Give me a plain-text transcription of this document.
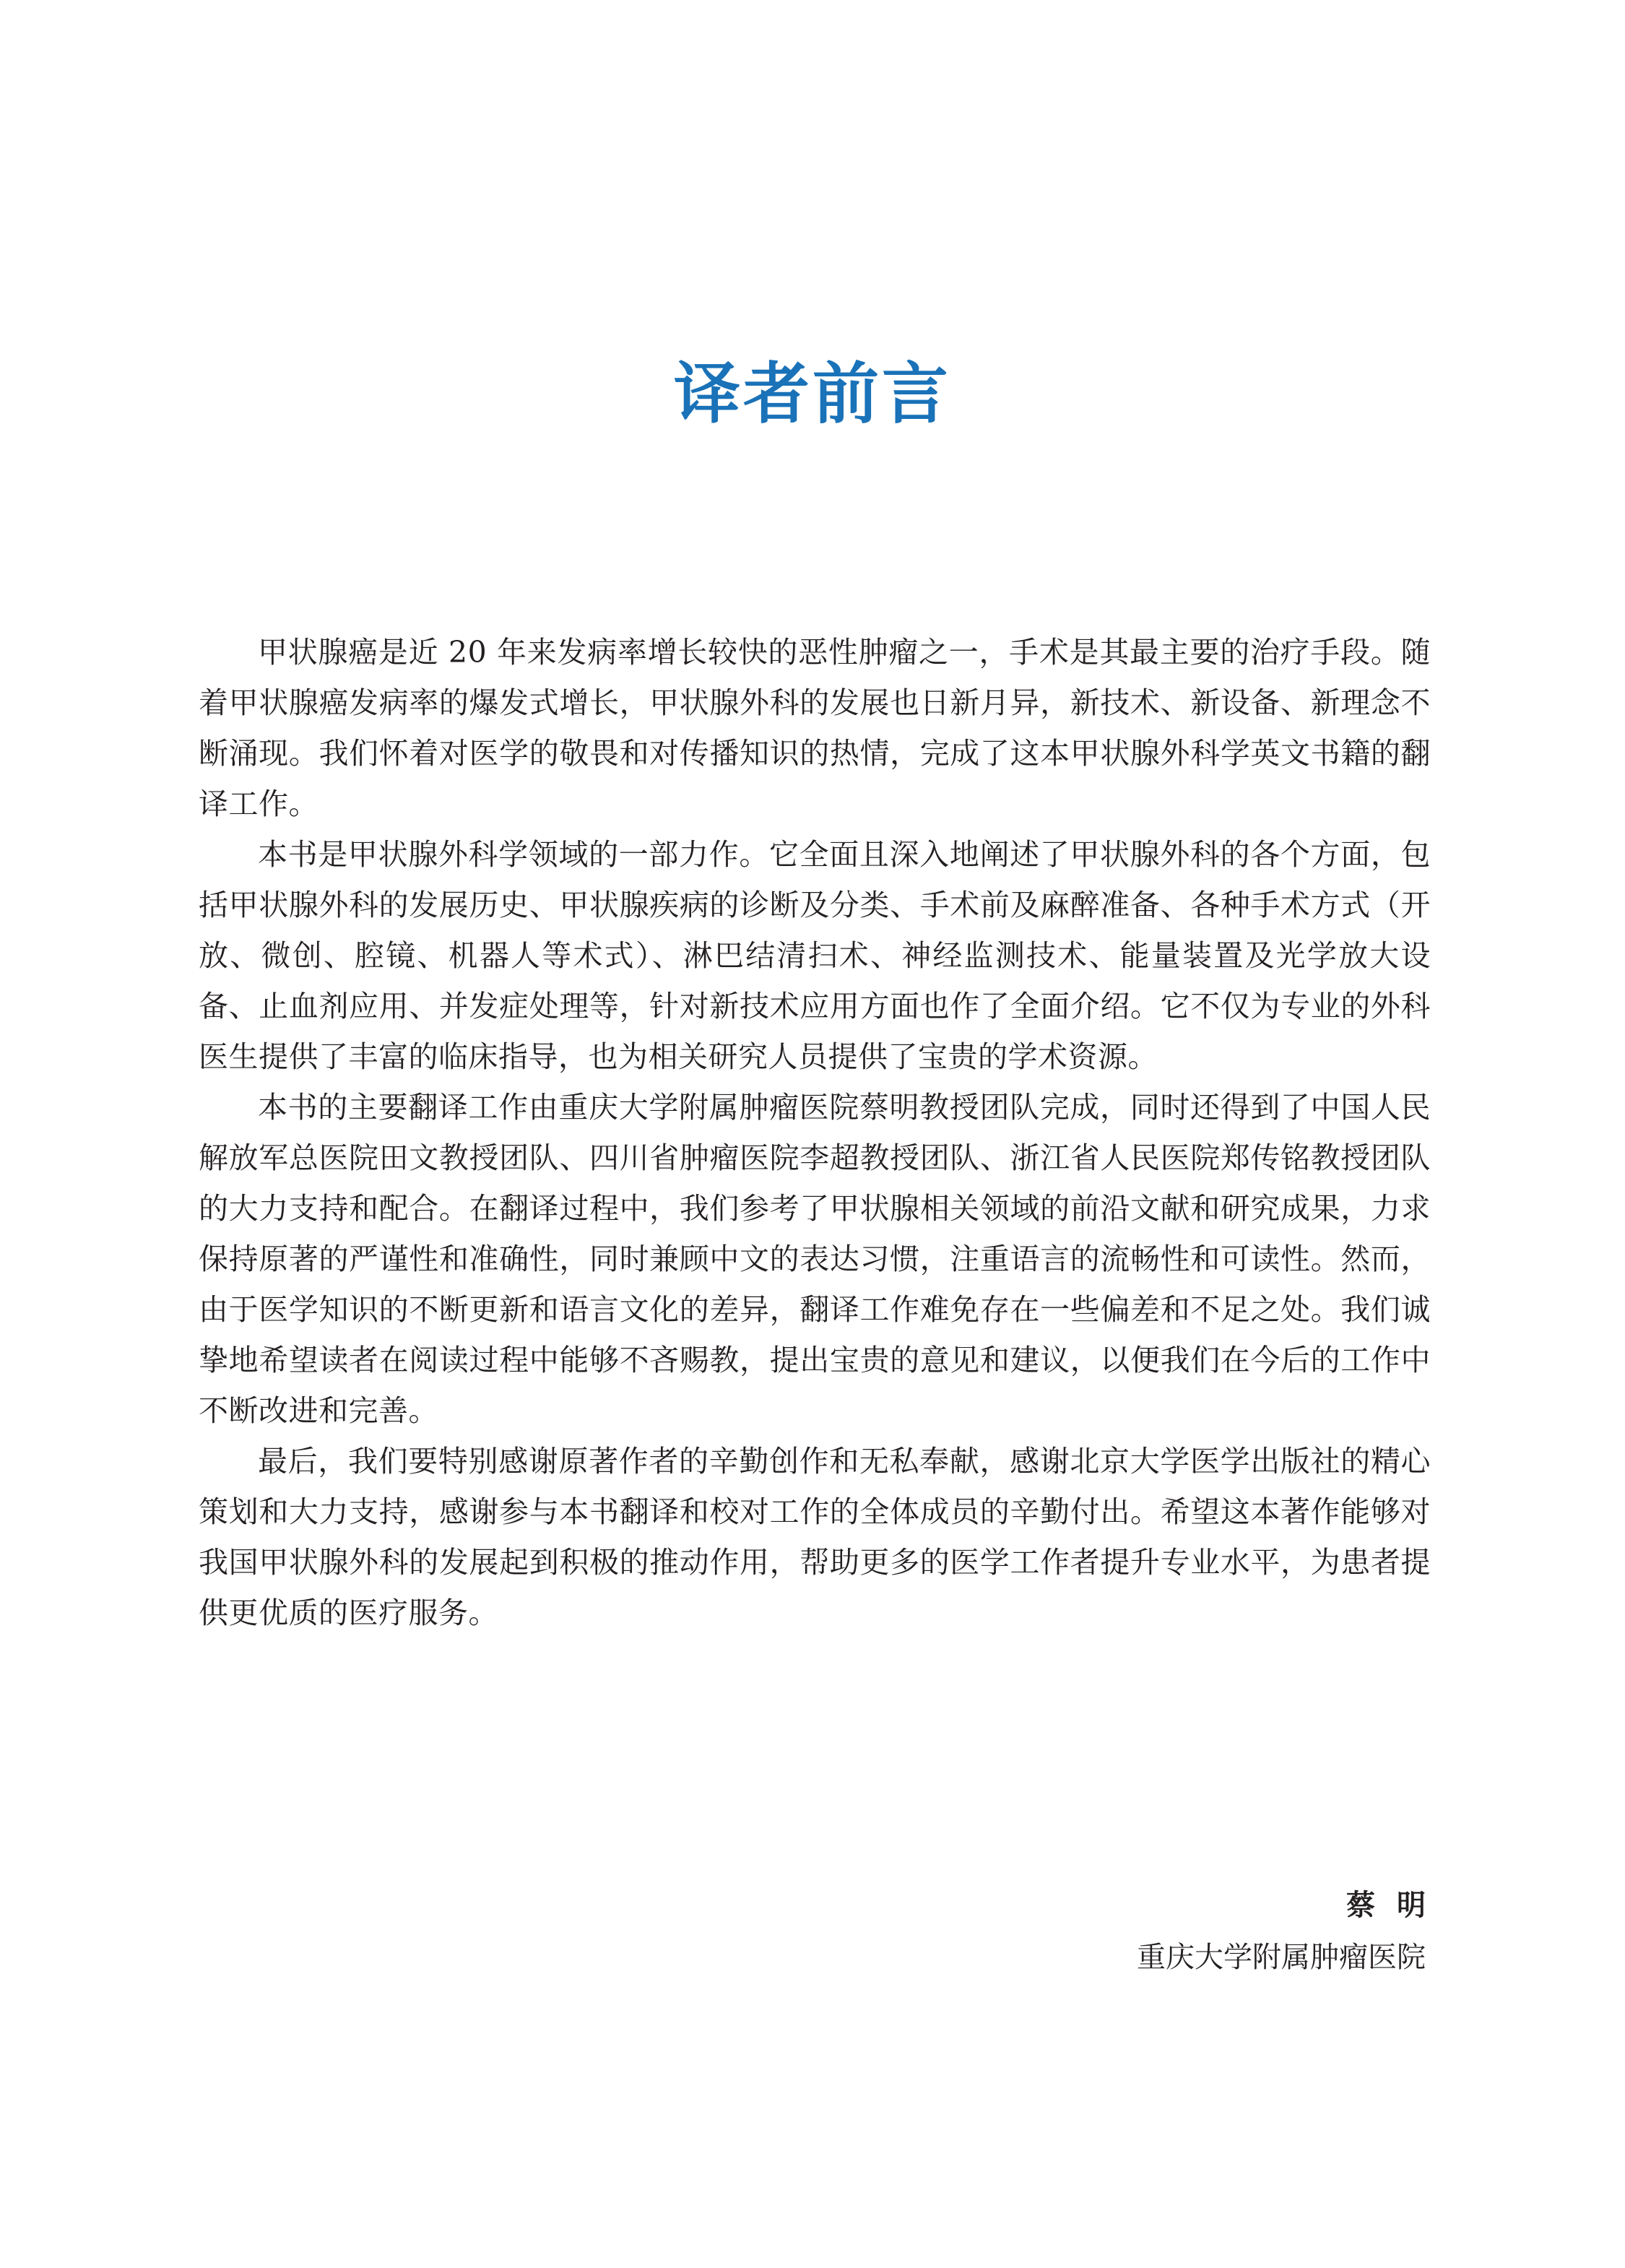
译者前言

甲状腺癌是近 20 年来发病率增长较快的恶性肿瘤之一，手术是其最主要的治疗手段。随着甲状腺癌发病率的爆发式增长，甲状腺外科的发展也日新月异，新技术、新设备、新理念不断涌现。我们怀着对医学的敬畏和对传播知识的热情，完成了这本甲状腺外科学英文书籍的翻译工作。

本书是甲状腺外科学领域的一部力作。它全面且深入地阐述了甲状腺外科的各个方面，包括甲状腺外科的发展历史、甲状腺疾病的诊断及分类、手术前及麻醉准备、各种手术方式（开放、微创、腔镜、机器人等术式）、淋巴结清扫术、神经监测技术、能量装置及光学放大设备、止血剂应用、并发症处理等，针对新技术应用方面也作了全面介绍。它不仅为专业的外科医生提供了丰富的临床指导，也为相关研究人员提供了宝贵的学术资源。

本书的主要翻译工作由重庆大学附属肿瘤医院蔡明教授团队完成，同时还得到了中国人民解放军总医院田文教授团队、四川省肿瘤医院李超教授团队、浙江省人民医院郑传铭教授团队的大力支持和配合。在翻译过程中，我们参考了甲状腺相关领域的前沿文献和研究成果，力求保持原著的严谨性和准确性，同时兼顾中文的表达习惯，注重语言的流畅性和可读性。然而，由于医学知识的不断更新和语言文化的差异，翻译工作难免存在一些偏差和不足之处。我们诚挚地希望读者在阅读过程中能够不吝赐教，提出宝贵的意见和建议，以便我们在今后的工作中不断改进和完善。

最后，我们要特别感谢原著作者的辛勤创作和无私奉献，感谢北京大学医学出版社的精心策划和大力支持，感谢参与本书翻译和校对工作的全体成员的辛勤付出。希望这本著作能够对我国甲状腺外科的发展起到积极的推动作用，帮助更多的医学工作者提升专业水平，为患者提供更优质的医疗服务。

蔡明
重庆大学附属肿瘤医院
